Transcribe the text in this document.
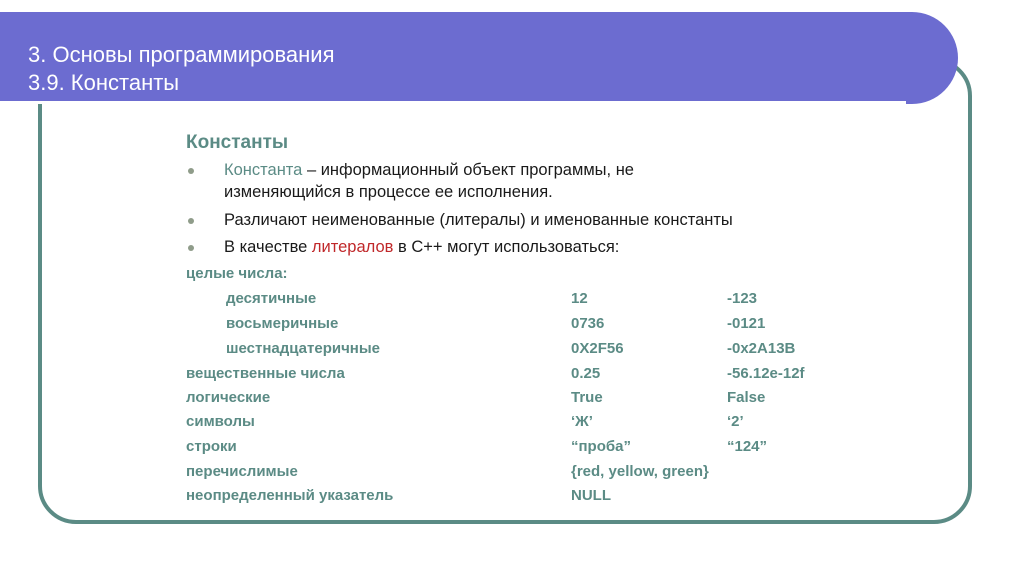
3. Основы программирования
3.9. Константы
Константы
Константа – информационный объект программы, не
изменяющийся в процессе ее исполнения.
Различают неименованные (литералы) и именованные константы
В качестве литералов в С++ могут использоваться:
целые числа:
десятичные	12	-123
восьмеричные	0736	-0121
шестнадцатеричные	0X2F56	-0x2A13B
вещественные числа	0.25	-56.12e-12f
логические	True	False
символы	‘Ж’	‘2’
строки	“проба”	“124”
перечислимые	{red, yellow, green}
неопределенный указатель	NULL
